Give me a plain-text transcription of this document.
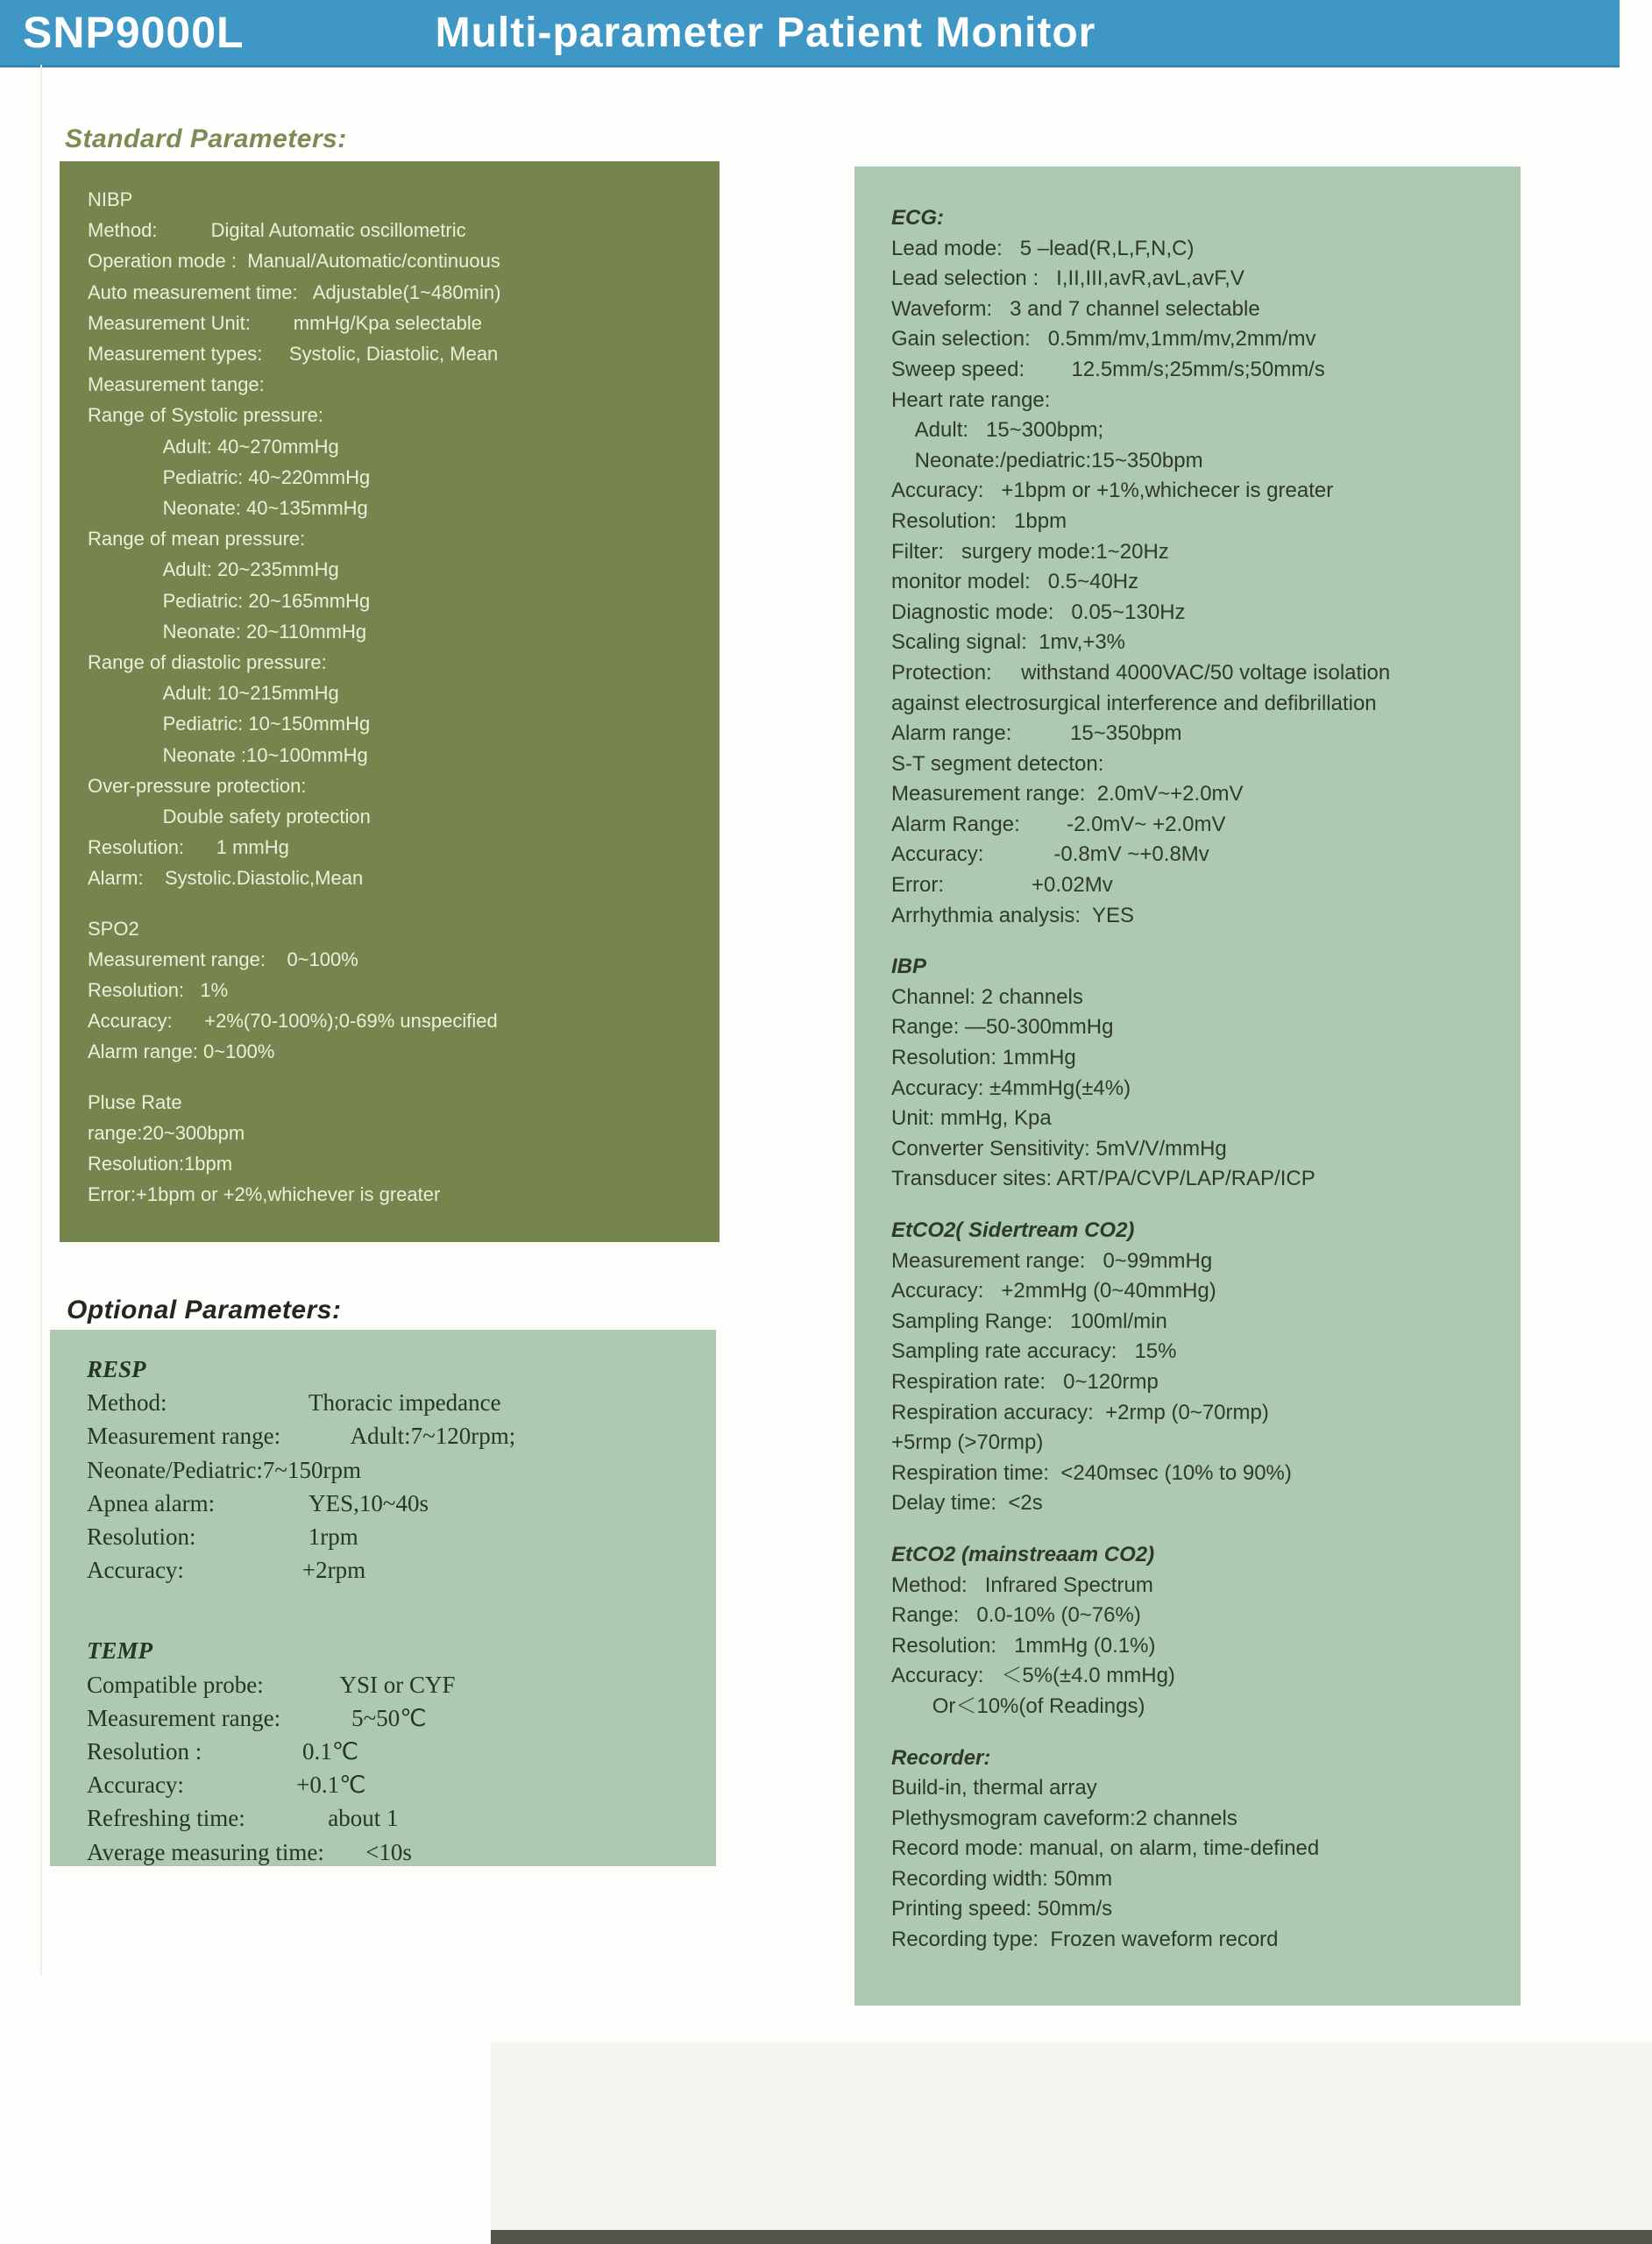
SNP9000L	Multi-parameter Patient Monitor
Standard Parameters:
NIBP
Method:          Digital Automatic oscillometric
Operation mode :  Manual/Automatic/continuous
Auto measurement time:   Adjustable(1~480min)
Measurement Unit:        mmHg/Kpa selectable
Measurement types:     Systolic, Diastolic, Mean
Measurement tange:
Range of Systolic pressure:
Adult: 40~270mmHg
Pediatric: 40~220mmHg
Neonate: 40~135mmHg
Range of mean pressure:
Adult: 20~235mmHg
Pediatric: 20~165mmHg
Neonate: 20~110mmHg
Range of diastolic pressure:
Adult: 10~215mmHg
Pediatric: 10~150mmHg
Neonate :10~100mmHg
Over-pressure protection:
Double safety protection
Resolution:      1 mmHg
Alarm:    Systolic.Diastolic,Mean
SPO2
Measurement range:    0~100%
Resolution:   1%
Accuracy:      +2%(70-100%);0-69% unspecified
Alarm range: 0~100%
Pluse Rate
range:20~300bpm
Resolution:1bpm
Error:+1bpm or +2%,whichever is greater
Optional Parameters:
RESP
Method:                        Thoracic impedance
Measurement range:            Adult:7~120rpm;
Neonate/Pediatric:7~150rpm
Apnea alarm:                YES,10~40s
Resolution:                   1rpm
Accuracy:                    +2rpm
TEMP
Compatible probe:             YSI or CYF
Measurement range:            5~50℃
Resolution :                 0.1℃
Accuracy:                   +0.1℃
Refreshing time:              about 1
Average measuring time:       <10s
ECG:
Lead mode:   5 –lead(R,L,F,N,C)
Lead selection :   I,II,III,avR,avL,avF,V
Waveform:   3 and 7 channel selectable
Gain selection:   0.5mm/mv,1mm/mv,2mm/mv
Sweep speed:        12.5mm/s;25mm/s;50mm/s
Heart rate range:
Adult:   15~300bpm;
Neonate:/pediatric:15~350bpm
Accuracy:   +1bpm or +1%,whichecer is greater
Resolution:   1bpm
Filter:   surgery mode:1~20Hz
monitor model:   0.5~40Hz
Diagnostic mode:   0.05~130Hz
Scaling signal:  1mv,+3%
Protection:     withstand 4000VAC/50 voltage isolation
against electrosurgical interference and defibrillation
Alarm range:          15~350bpm
S-T segment detecton:
Measurement range:  2.0mV~+2.0mV
Alarm Range:        -2.0mV~ +2.0mV
Accuracy:            -0.8mV ~+0.8Mv
Error:               +0.02Mv
Arrhythmia analysis:  YES
IBP
Channel: 2 channels
Range: —50-300mmHg
Resolution: 1mmHg
Accuracy: ±4mmHg(±4%)
Unit: mmHg, Kpa
Converter Sensitivity: 5mV/V/mmHg
Transducer sites: ART/PA/CVP/LAP/RAP/ICP
EtCO2( Sidertream CO2)
Measurement range:   0~99mmHg
Accuracy:   +2mmHg (0~40mmHg)
Sampling Range:   100ml/min
Sampling rate accuracy:   15%
Respiration rate:   0~120rmp
Respiration accuracy:  +2rmp (0~70rmp)
+5rmp (>70rmp)
Respiration time:  <240msec (10% to 90%)
Delay time:  <2s
EtCO2 (mainstreaam CO2)
Method:   Infrared Spectrum
Range:   0.0-10% (0~76%)
Resolution:   1mmHg (0.1%)
Accuracy:   ＜5%(±4.0 mmHg)
Or＜10%(of Readings)
Recorder:
Build-in, thermal array
Plethysmogram caveform:2 channels
Record mode: manual, on alarm, time-defined
Recording width: 50mm
Printing speed: 50mm/s
Recording type:  Frozen waveform record
